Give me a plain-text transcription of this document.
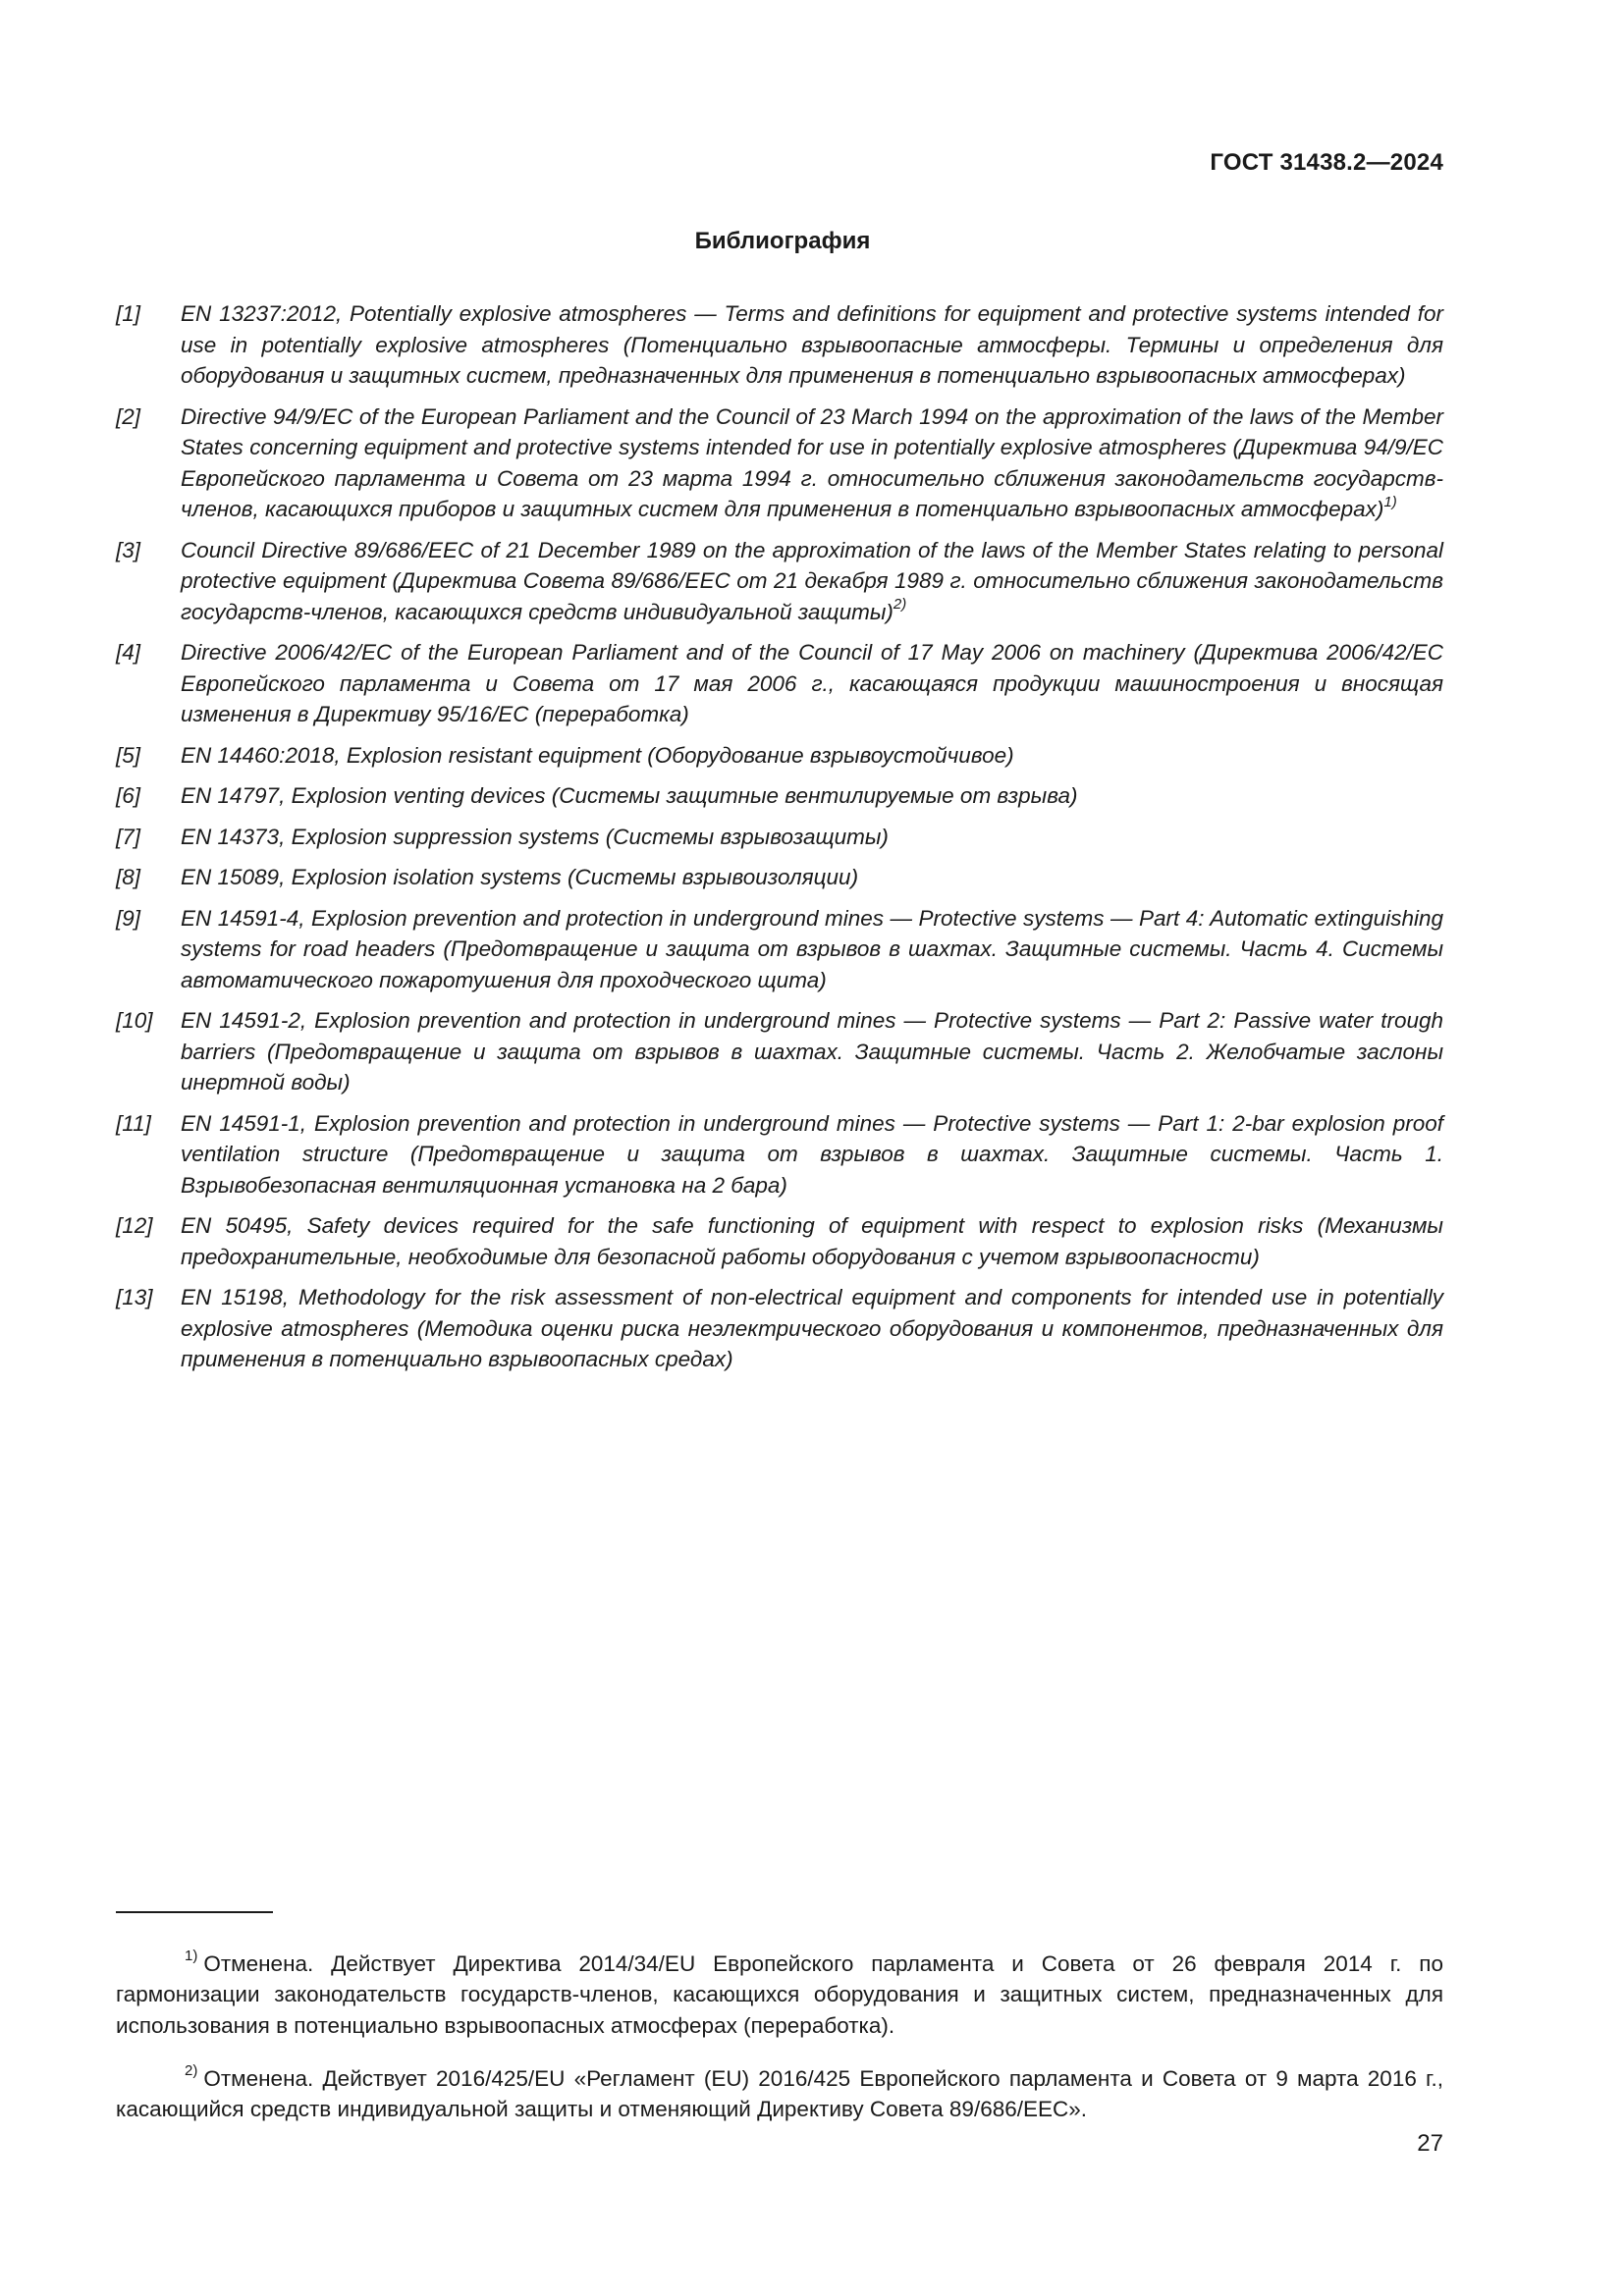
ГОСТ 31438.2—2024
Библиография
[1]	EN 13237:2012, Potentially explosive atmospheres — Terms and definitions for equipment and protective systems intended for use in potentially explosive atmospheres (Потенциально взрывоопасные атмосферы. Термины и определения для оборудования и защитных систем, предназначенных для применения в потенциально взрывоопасных атмосферах)
[2]	Directive 94/9/EC of the European Parliament and the Council of 23 March 1994 on the approximation of the laws of the Member States concerning equipment and protective systems intended for use in potentially explosive atmospheres (Директива 94/9/ЕС Европейского парламента и Совета от 23 марта 1994 г. относительно сближения законодательств государств-членов, касающихся приборов и защитных систем для применения в потенциально взрывоопасных атмосферах)$^{1)}$
[3]	Council Directive 89/686/EEC of 21 December 1989 on the approximation of the laws of the Member States relating to personal protective equipment (Директива Совета 89/686/EEC от 21 декабря 1989 г. относительно сближения законодательств государств-членов, касающихся средств индивидуальной защиты)$^{2)}$
[4]	Directive 2006/42/EC of the European Parliament and of the Council of 17 May 2006 on machinery (Директива 2006/42/ЕС Европейского парламента и Совета от 17 мая 2006 г., касающаяся продукции машиностроения и вносящая изменения в Директиву 95/16/ЕС (переработка)
[5]	EN 14460:2018, Explosion resistant equipment (Оборудование взрывоустойчивое)
[6]	EN 14797, Explosion venting devices (Системы защитные вентилируемые от взрыва)
[7]	EN 14373, Explosion suppression systems (Системы взрывозащиты)
[8]	EN 15089, Explosion isolation systems (Системы взрывоизоляции)
[9]	EN 14591-4, Explosion prevention and protection in underground mines — Protective systems — Part 4: Automatic extinguishing systems for road headers (Предотвращение и защита от взрывов в шахтах. Защитные системы. Часть 4. Системы автоматического пожаротушения для проходческого щита)
[10]	EN 14591-2, Explosion prevention and protection in underground mines — Protective systems — Part 2: Passive water trough barriers (Предотвращение и защита от взрывов в шахтах. Защитные системы. Часть 2. Желобчатые заслоны инертной воды)
[11]	EN 14591-1, Explosion prevention and protection in underground mines — Protective systems — Part 1: 2-bar explosion proof ventilation structure (Предотвращение и защита от взрывов в шахтах. Защитные системы. Часть 1. Взрывобезопасная вентиляционная установка на 2 бара)
[12]	EN 50495, Safety devices required for the safe functioning of equipment with respect to explosion risks (Механизмы предохранительные, необходимые для безопасной работы оборудования с учетом взрывоопасности)
[13]	EN 15198, Methodology for the risk assessment of non-electrical equipment and components for intended use in potentially explosive atmospheres (Методика оценки риска неэлектрического оборудования и компонентов, предназначенных для применения в потенциально взрывоопасных средах)

$^{1)}$ Отменена. Действует Директива 2014/34/EU Европейского парламента и Совета от 26 февраля 2014 г. по гармонизации законодательств государств-членов, касающихся оборудования и защитных систем, предназначенных для использования в потенциально взрывоопасных атмосферах (переработка).

$^{2)}$ Отменена. Действует 2016/425/EU «Регламент (EU) 2016/425 Европейского парламента и Совета от 9 марта 2016 г., касающийся средств индивидуальной защиты и отменяющий Директиву Совета 89/686/EEC».

27
